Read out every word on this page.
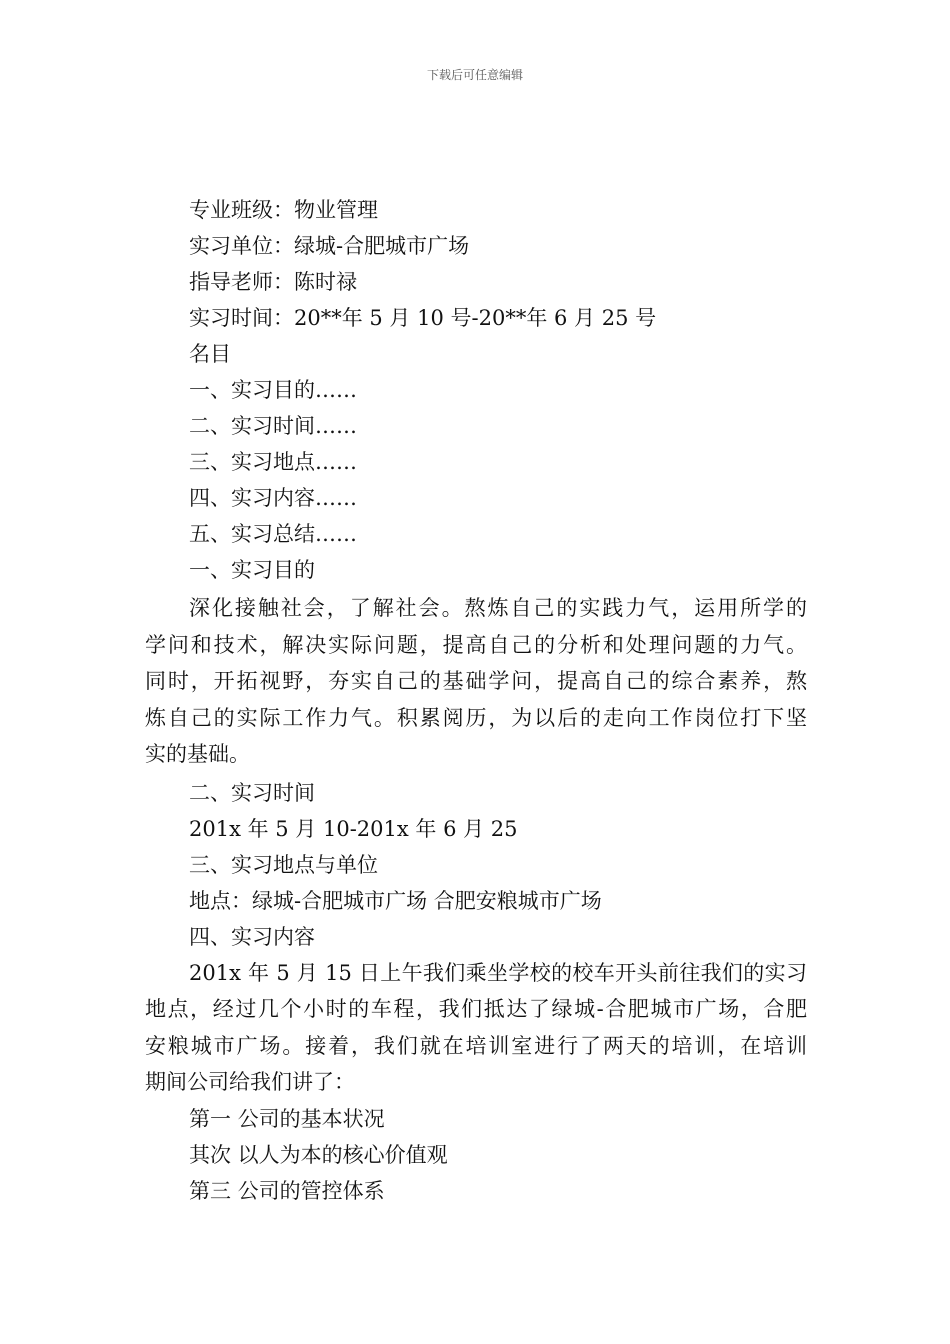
下载后可任意编辑
专业班级：物业管理
实习单位：绿城-合肥城市广场
指导老师：陈时禄
实习时间：20**年 5 月 10 号-20**年 6 月 25 号
名目
一、实习目的……
二、实习时间……
三、实习地点……
四、实习内容……
五、实习总结……
一、实习目的
深化接触社会，了解社会。熬炼自己的实践力气，运用所学的
学问和技术，解决实际问题，提高自己的分析和处理问题的力气。
同时，开拓视野，夯实自己的基础学问，提高自己的综合素养，熬
炼自己的实际工作力气。积累阅历，为以后的走向工作岗位打下坚
实的基础。
二、实习时间
201x 年 5 月 10-201x 年 6 月 25
三、实习地点与单位
地点：绿城-合肥城市广场 合肥安粮城市广场
四、实习内容
201x 年 5 月 15 日上午我们乘坐学校的校车开头前往我们的实习
地点，经过几个小时的车程，我们抵达了绿城-合肥城市广场，合肥
安粮城市广场。接着，我们就在培训室进行了两天的培训，在培训
期间公司给我们讲了：
第一 公司的基本状况
其次 以人为本的核心价值观
第三 公司的管控体系
